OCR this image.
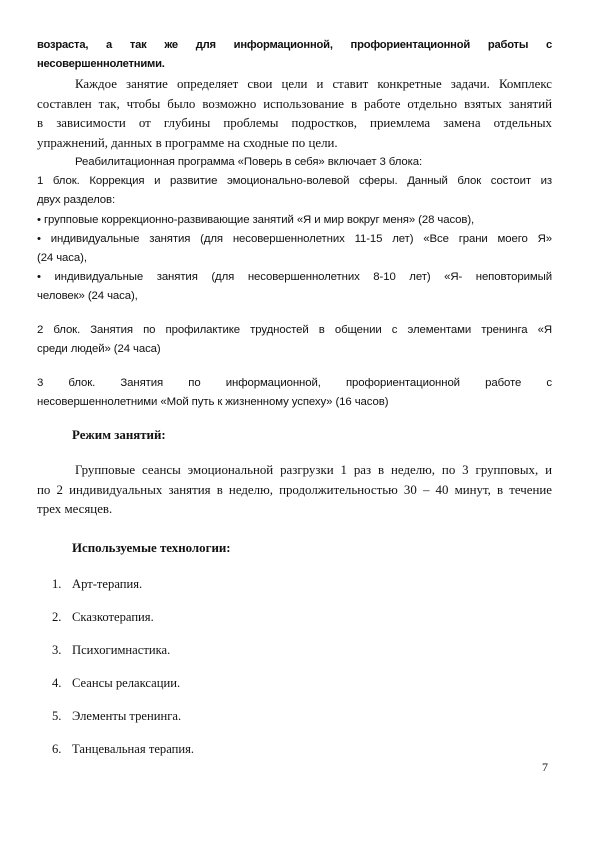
возраста, а так же для информационной, профориентационной работы с
несовершеннолетними.
Каждое занятие определяет свои цели и ставит конкретные задачи. Комплекс
составлен так, чтобы было возможно использование в работе отдельно взятых занятий
в зависимости от глубины проблемы подростков, приемлема замена отдельных
упражнений, данных в программе на сходные по цели.
Реабилитационная программа «Поверь в себя» включает 3 блока:
1 блок. Коррекция и развитие эмоционально-волевой сферы. Данный блок состоит из
двух разделов:
• групповые коррекционно-развивающие занятий «Я и мир вокруг меня» (28 часов),
• индивидуальные занятия (для несовершеннолетних 11-15 лет) «Все грани моего Я»
(24 часа),
• индивидуальные занятия (для несовершеннолетних 8-10 лет) «Я- неповторимый
человек» (24 часа),
2 блок. Занятия по профилактике трудностей в общении с элементами тренинга «Я
среди людей» (24 часа)
3 блок. Занятия по информационной, профориентационной работе с
несовершеннолетними «Мой путь к жизненному успеху» (16 часов)
Режим занятий:
Групповые сеансы эмоциональной разгрузки 1 раз в неделю, по 3 групповых, и
по 2 индивидуальных занятия в неделю, продолжительностью 30 – 40 минут, в течение
трех месяцев.
Используемые технологии:
1. Арт-терапия.
2. Сказкотерапия.
3. Психогимнастика.
4. Сеансы релаксации.
5. Элементы тренинга.
6. Танцевальная терапия.
7
